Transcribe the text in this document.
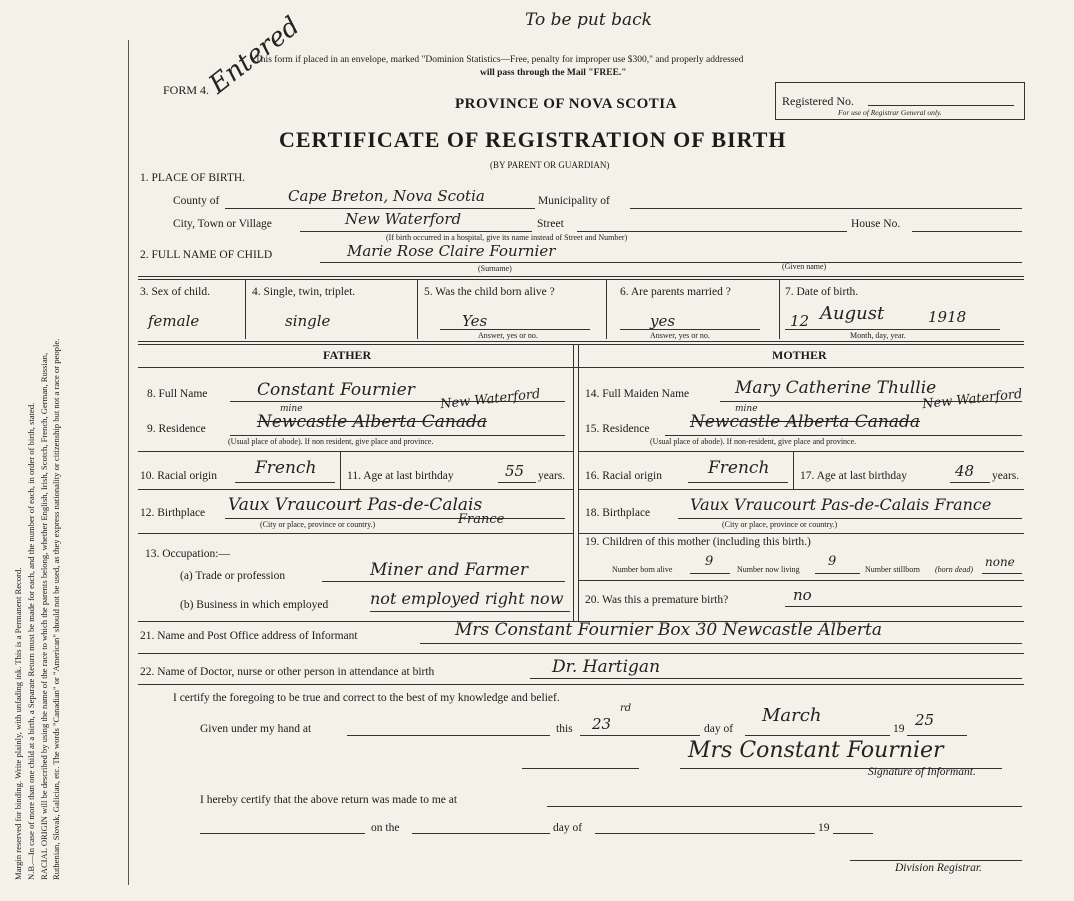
Margin reserved for binding. Write plainly, with unfading ink. This is a Permanent Record. N.B.—In case of more than one child at a birth, a Separate Return must be made for each, and the number of each, in order of birth, stated. RACIAL ORIGIN will be described by using the name of the race to which the parents belong, whether English, Irish, Scotch, French, German, Russian, Ruthenian, Slovak, Galician, etc. The words "Canadian" or "American" should not be used, as they express nationality or citizenship but not a race or people.
To be put back
This form if placed in an envelope, marked "Dominion Statistics—Free, penalty for improper use $300," and properly addressed
will pass through the Mail "FREE."
FORM 4.
Entered
PROVINCE OF NOVA SCOTIA
CERTIFICATE OF REGISTRATION OF BIRTH
(BY PARENT OR GUARDIAN)
Registered No.
For use of Registrar General only.
1. PLACE OF BIRTH.
County of	Cape Breton, Nova Scotia	Municipality of
City, Town or Village	New Waterford	Street	House No.
(If birth occurred in a hospital, give its name instead of Street and Number)
2. FULL NAME OF CHILD	Marie Rose Claire Fournier
(Surname)	(Given name)
3. Sex of child.
female
4. Single, twin, triplet.
single
5. Was the child born alive ?
Yes
Answer, yes or no.
6. Are parents married ?
yes
Answer, yes or no.
7. Date of birth.
12 August	1918
Month, day, year.
FATHER	MOTHER
8. Full Name	Constant Fournier
9. Residence	Newcastle Alberta Canada
mine	New Waterford
(Usual place of abode). If non resident, give place and province.
10. Racial origin French	11. Age at last birthday	55 years.
12. Birthplace Vaux Vraucourt Pas-de-Calais
France
(City or place, province or country.)
13. Occupation:—
(a) Trade or profession	Miner and Farmer
(b) Business in which employed	not employed right now
14. Full Maiden Name	Mary Catherine Thullie
15. Residence Newcastle Alberta Canada
mine	New Waterford
(Usual place of abode). If non-resident, give place and province.
16. Racial origin	French	17. Age at last birthday	48 years.
18. Birthplace Vaux Vraucourt Pas-de-Calais France
(City or place, province or country.)
19. Children of this mother (including this birth.)
Number born alive
9
Number now living
9
Number stillborn (born dead)
none
20. Was this a premature birth?	no
21. Name and Post Office address of Informant	Mrs Constant Fournier Box 30 Newcastle Alberta
22. Name of Doctor, nurse or other person in attendance at birth	Dr. Hartigan
I certify the foregoing to be true and correct to the best of my knowledge and belief.
Given under my hand at	this 23
rd
day of
March
19 25
Mrs Constant Fournier
Signature of Informant.
I hereby certify that the above return was made to me at
on the	day of	19
Division Registrar.
